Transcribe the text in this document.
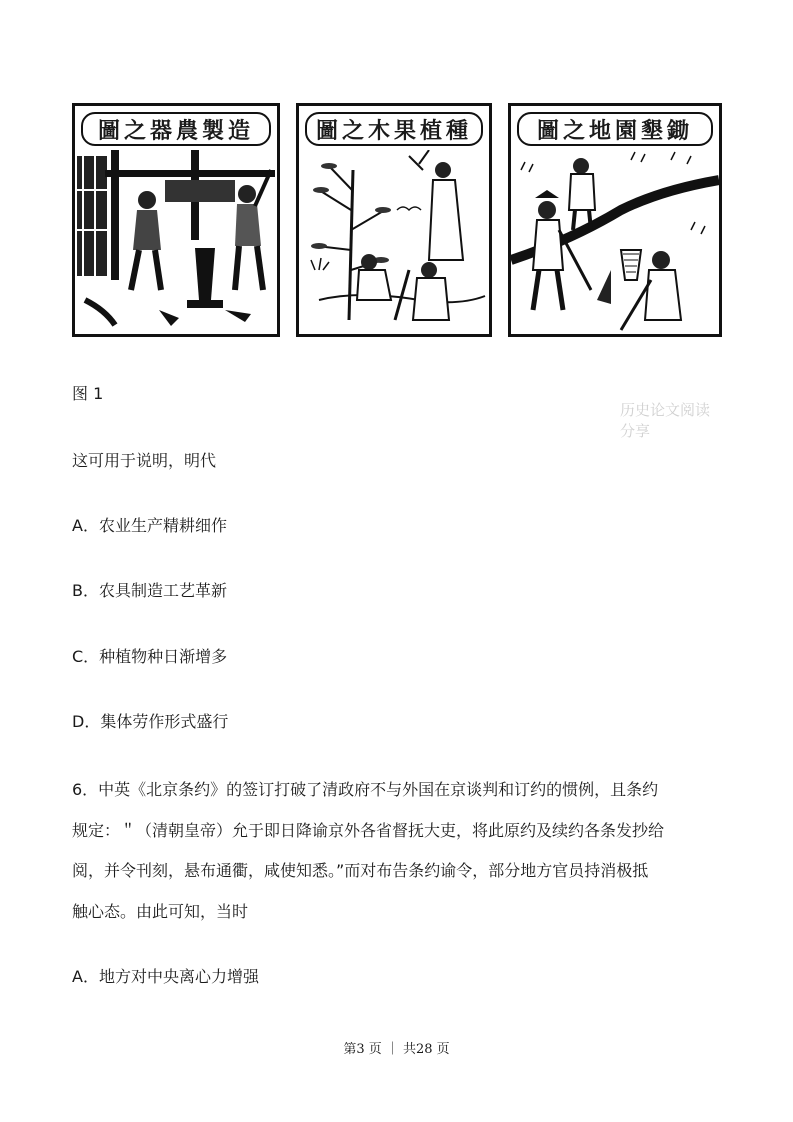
造製農器之圖	種植果木之圖	鋤墾園地之圖
历史论文阅读分享

图 1

这可用于说明，明代

A．农业生产精耕细作

B．农具制造工艺革新

C．种植物种日渐增多

D．集体劳作形式盛行

6．中英《北京条约》的签订打破了清政府不与外国在京谈判和订约的惯例，且条约
规定：＂（清朝皇帝）允于即日降谕京外各省督抚大吏，将此原约及续约各条发抄给
阅，并令刊刻，悬布通衢，咸使知悉。”而对布告条约谕令，部分地方官员持消极抵
触心态。由此可知，当时

A．地方对中央离心力增强

第3 页 ｜ 共28 页
